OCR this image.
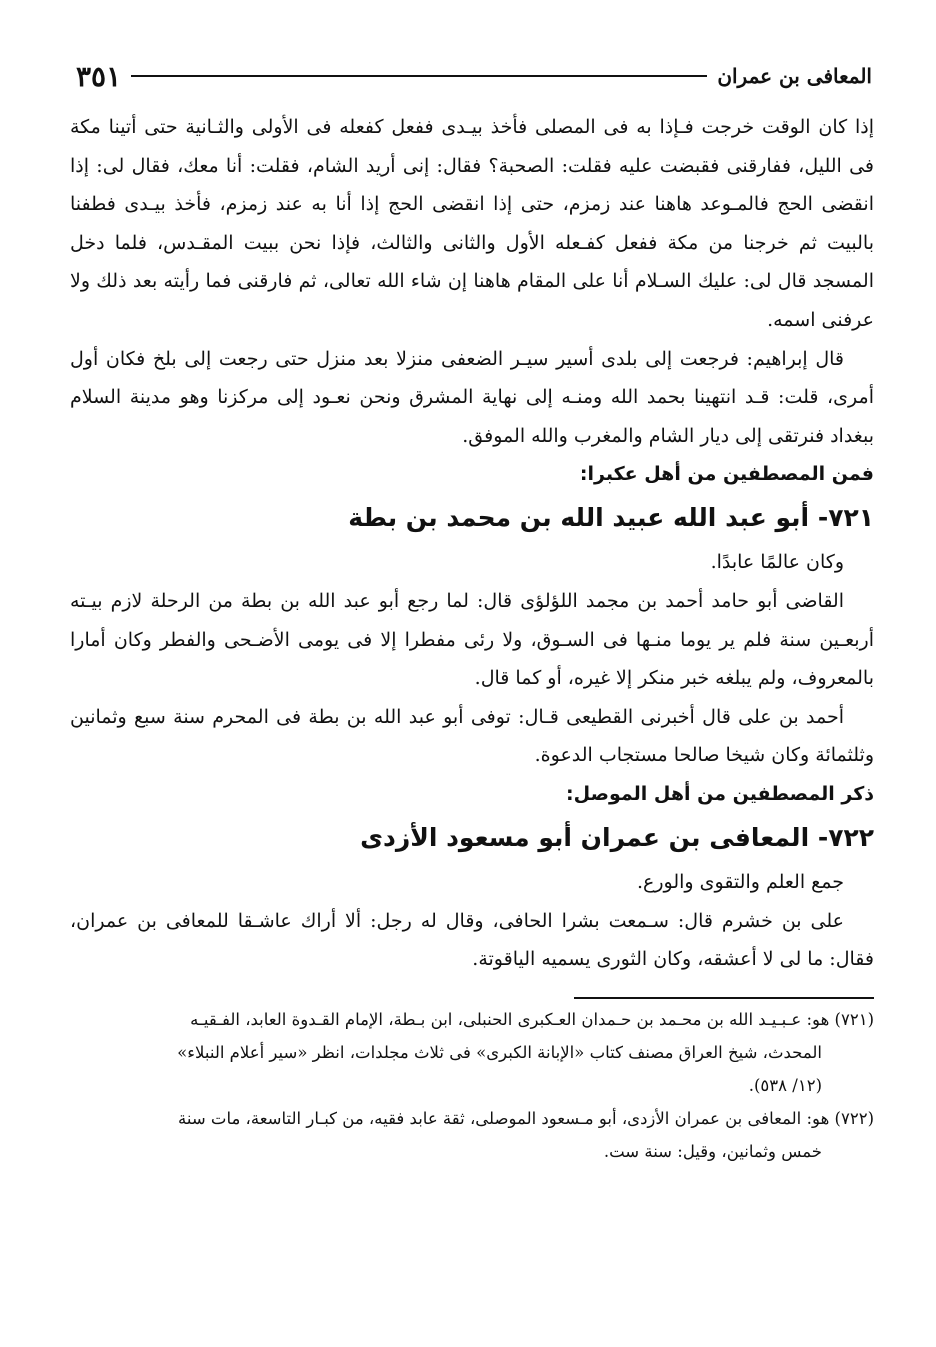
المعافى بن عمران
٣٥١

إذا كان الوقت خرجت فـإذا به فى المصلى فأخذ بيـدى ففعل كفعله فى الأولى والثـانية حتى أتينا مكة فى الليل، ففارقنى فقبضت عليه فقلت: الصحبة؟ فقال: إنى أريد الشام، فقلت: أنا معك، فقال لى: إذا انقضى الحج فالمـوعد هاهنا عند زمزم، حتى إذا انقضى الحج إذا أنا به عند زمزم، فأخذ بيـدى فطفنا بالبيت ثم خرجنا من مكة ففعل كفـعله الأول والثانى والثالث، فإذا نحن ببيت المقـدس، فلما دخل المسجد قال لى: عليك السـلام أنا على المقام هاهنا إن شاء الله تعالى، ثم فارقنى فما رأيته بعد ذلك ولا عرفنى اسمه.

قال إبراهيم: فرجعت إلى بلدى أسير سيـر الضعفى منزلا بعد منزل حتى رجعت إلى بلخ فكان أول أمرى، قلت: قـد انتهينا بحمد الله ومنـه إلى نهاية المشرق ونحن نعـود إلى مركزنا وهو مدينة السلام ببغداد فنرتقى إلى ديار الشام والمغرب والله الموفق.

فمن المصطفين من أهل عكبرا:

٧٢١- أبو عبد الله عبيد الله بن محمد بن بطة

وكان عالمًا عابدًا.

القاضى أبو حامد أحمد بن مجمد اللؤلؤى قال: لما رجع أبو عبد الله بن بطة من الرحلة لازم بيـته أربعـين سنة فلم ير يوما منـها فى السـوق، ولا رئى مفطرا إلا فى يومى الأضـحى والفطر وكان أمارا بالمعروف، ولم يبلغه خبر منكر إلا غيره، أو كما قال.

أحمد بن على قال أخبرنى القطيعى قـال: توفى أبو عبد الله بن بطة فى المحرم سنة سبع وثمانين وثلثمائة وكان شيخا صالحا مستجاب الدعوة.

ذكر المصطفين من أهل الموصل:

٧٢٢- المعافى بن عمران أبو مسعود الأزدى

جمع العلم والتقوى والورع.

على بن خشرم قال: سـمعت بشرا الحافى، وقال له رجل: ألا أراك عاشـقا للمعافى بن عمران، فقال: ما لى لا أعشقه، وكان الثورى يسميه الياقوتة.

(٧٢١) هو: عـبـيـد الله بن محـمد بن حـمدان العـكبرى الحنبلى، ابن بـطة، الإمام القـدوة العابد، الفـقيـه

المحدث، شيخ العراق مصنف كتاب «الإبانة الكبرى» فى ثلاث مجلدات، انظر «سير أعلام النبلاء»

(١٢/ ٥٣٨).

(٧٢٢) هو: المعافى بن عمران الأزدى، أبو مـسعود الموصلى، ثقة عابد فقيه، من كبـار التاسعة، مات سنة

خمس وثمانين، وقيل: سنة ست.
